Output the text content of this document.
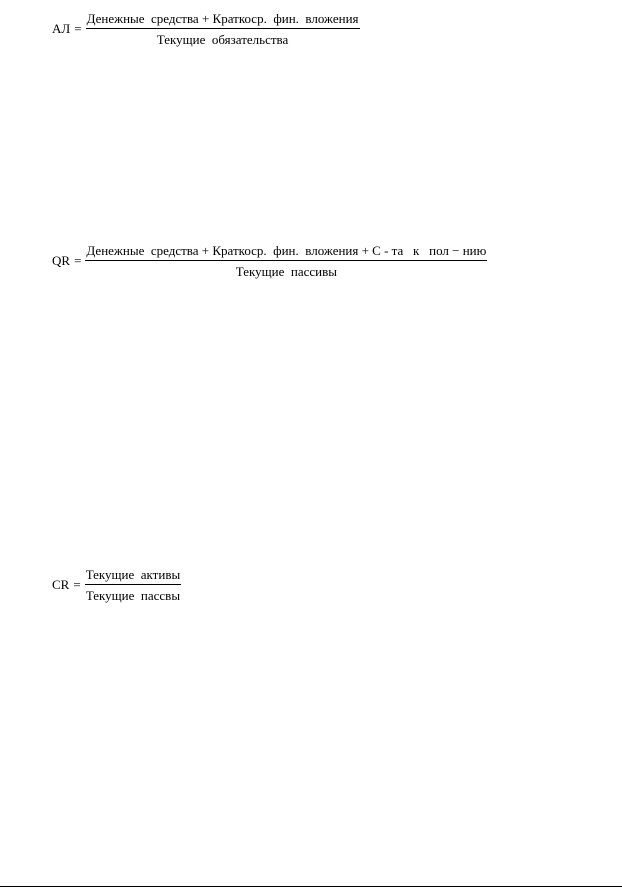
АЛ = $\frac{\text{Денежные  средства + Краткоср.  фин.  вложения}}{\text{Текущие  обязательства}}$
QR =
Денежные  средства + Краткоср.  фин.  вложения + С - та   к   пол − нию
Текущие  пассивы
CR = $\frac{\text{Текущие  активы}}{\text{Текущие  пассвы}}$
